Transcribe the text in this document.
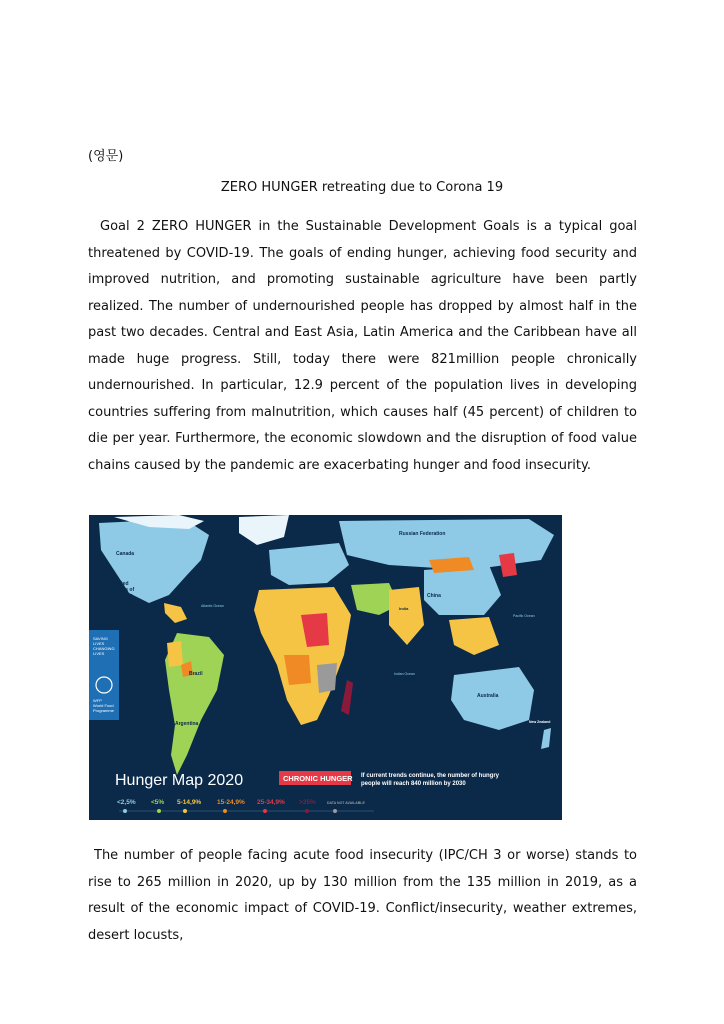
(영문)
ZERO HUNGER retreating due to Corona 19

Goal 2 ZERO HUNGER in the Sustainable Development Goals is a typical goal threatened by COVID-19. The goals of ending hunger, achieving food security and improved nutrition, and promoting sustainable agriculture have been partly realized. The number of undernourished people has dropped by almost half in the past two decades. Central and East Asia, Latin America and the Caribbean have all made huge progress. Still, today there were 821million people chronically undernourished. In particular, 12.9 percent of the population lives in developing countries suffering from malnutrition, which causes half (45 percent) of children to die per year. Furthermore, the economic slowdown and the disruption of food value chains caused by the pandemic are exacerbating hunger and food insecurity.

SAVING
LIVES
CHANGING
LIVES
WFP
World Food
Programme
Russian Federation
Canada
United
States of
America	China
Brazil
Argentina
Australia
India
Atlantic Ocean
Pacific Ocean
Indian Ocean
New Zealand
Hunger Map 2020	CHRONIC HUNGER If current trends continue, the number of hungry
people will reach 840 million by 2030
<2,5% <5% 5-14,9% 15-24,9% 25-34,9% >35%	DATA NOT AVAILABLE

The number of people facing acute food insecurity (IPC/CH 3 or worse) stands to rise to 265 million in 2020, up by 130 million from the 135 million in 2019, as a result of the economic impact of COVID-19. Conflict/insecurity, weather extremes, desert locusts,
